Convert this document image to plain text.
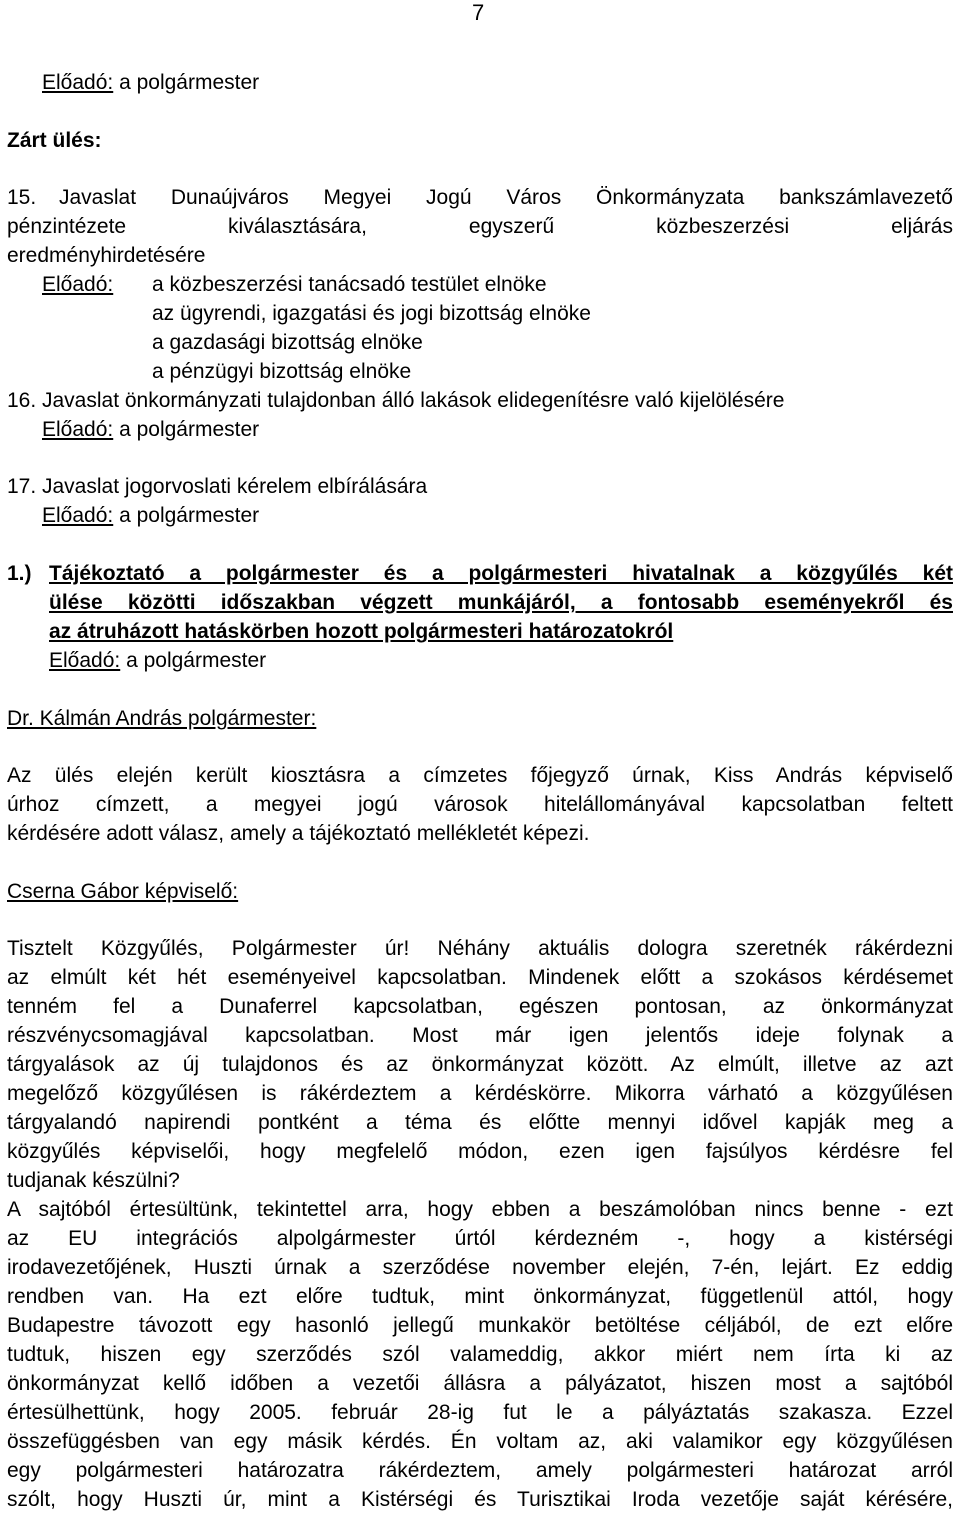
7
Előadó: a polgármester
Zárt ülés:
15. Javaslat Dunaújváros Megyei Jogú Város Önkormányzata bankszámlavezető
pénzintézete kiválasztására, egyszerű közbeszerzési eljárás
eredményhirdetésére
Előadó: a közbeszerzési tanácsadó testület elnöke

az ügyrendi, igazgatási és jogi bizottság elnöke

a gazdasági bizottság elnöke

a pénzügyi bizottság elnöke

16. Javaslat önkormányzati tulajdonban álló lakások elidegenítésre való kijelölésére
Előadó: a polgármester
17. Javaslat jogorvoslati kérelem elbírálására
Előadó: a polgármester
1.) Tájékoztató a polgármester és a polgármesteri hivatalnak a közgyűlés két
ülése közötti időszakban végzett munkájáról, a fontosabb eseményekről és
az átruházott hatáskörben hozott polgármesteri határozatokról
Előadó: a polgármester
Dr. Kálmán András polgármester:

Az ülés elején került kiosztásra a címzetes főjegyző úrnak, Kiss András képviselő

úrhoz címzett, a megyei jogú városok hitelállományával kapcsolatban feltett

kérdésére adott válasz, amely a tájékoztató mellékletét képezi.

Cserna Gábor képviselő:

Tisztelt Közgyűlés, Polgármester úr! Néhány aktuális dologra szeretnék rákérdezni

az elmúlt két hét eseményeivel kapcsolatban. Mindenek előtt a szokásos kérdésemet

tenném fel a Dunaferrel kapcsolatban, egészen pontosan, az önkormányzat

részvénycsomagjával kapcsolatban. Most már igen jelentős ideje folynak a

tárgyalások az új tulajdonos és az önkormányzat között. Az elmúlt, illetve az azt

megelőző közgyűlésen is rákérdeztem a kérdéskörre. Mikorra várható a közgyűlésen

tárgyalandó napirendi pontként a téma és előtte mennyi idővel kapják meg a

közgyűlés képviselői, hogy megfelelő módon, ezen igen fajsúlyos kérdésre fel

tudjanak készülni?

A sajtóból értesültünk, tekintettel arra, hogy ebben a beszámolóban nincs benne - ezt

az EU integrációs alpolgármester úrtól kérdezném -, hogy a kistérségi

irodavezetőjének, Huszti úrnak a szerződése november elején, 7-én, lejárt. Ez eddig

rendben van. Ha ezt előre tudtuk, mint önkormányzat, függetlenül attól, hogy

Budapestre távozott egy hasonló jellegű munkakör betöltése céljából, de ezt előre

tudtuk, hiszen egy szerződés szól valameddig, akkor miért nem írta ki az

önkormányzat kellő időben a vezetői állásra a pályázatot, hiszen most a sajtóból

értesülhettünk, hogy 2005. február 28-ig fut le a pályáztatás szakasza. Ezzel

összefüggésben van egy másik kérdés. Én voltam az, aki valamikor egy közgyűlésen

egy polgármesteri határozatra rákérdeztem, amely polgármesteri határozat arról

szólt, hogy Huszti úr, mint a Kistérségi és Turisztikai Iroda vezetője saját kérésére,
